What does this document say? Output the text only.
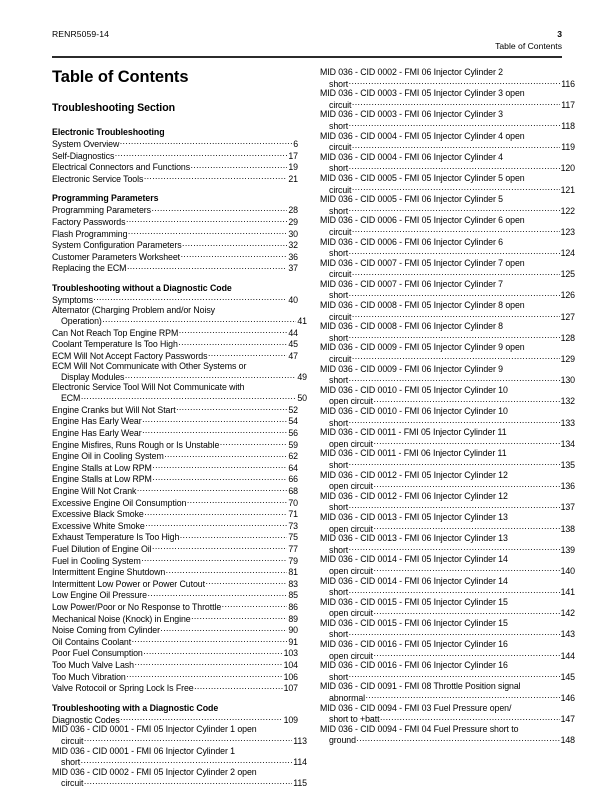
RENR5059-14	3
Table of Contents
Table of Contents
Troubleshooting Section
Electronic Troubleshooting
System Overview .....	6
Self-Diagnostics .....	17
Electrical Connectors and Functions .....	19
Electronic Service Tools .....	21
Programming Parameters
Programming Parameters .....	28
Factory Passwords .....	29
Flash Programming .....	30
System Configuration Parameters .....	32
Customer Parameters Worksheet .....	36
Replacing the ECM .....	37
Troubleshooting without a Diagnostic Code
Symptoms .....	40
Alternator (Charging Problem and/or Noisy
Operation) .....	41
Can Not Reach Top Engine RPM .....	44
Coolant Temperature Is Too High .....	45
ECM Will Not Accept Factory Passwords .....	47
ECM Will Not Communicate with Other Systems or
Display Modules .....	49
Electronic Service Tool Will Not Communicate with
ECM .....	50
Engine Cranks but Will Not Start .....	52
Engine Has Early Wear .....	54
Engine Has Early Wear .....	56
Engine Misfires, Runs Rough or Is Unstable .....	59
Engine Oil in Cooling System .....	62
Engine Stalls at Low RPM .....	64
Engine Stalls at Low RPM .....	66
Engine Will Not Crank .....	68
Excessive Engine Oil Consumption .....	70
Excessive Black Smoke .....	71
Excessive White Smoke .....	73
Exhaust Temperature Is Too High .....	75
Fuel Dilution of Engine Oil .....	77
Fuel in Cooling System .....	79
Intermittent Engine Shutdown .....	81
Intermittent Low Power or Power Cutout .....	83
Low Engine Oil Pressure .....	85
Low Power/Poor or No Response to Throttle .....	86
Mechanical Noise (Knock) in Engine .....	89
Noise Coming from Cylinder .....	90
Oil Contains Coolant .....	91
Poor Fuel Consumption .....	103
Too Much Valve Lash .....	104
Too Much Vibration .....	106
Valve Rotocoil or Spring Lock Is Free .....	107
Troubleshooting with a Diagnostic Code
Diagnostic Codes .....	109
MID 036 - CID 0001 - FMI 05 Injector Cylinder 1 open
circuit .....	113
MID 036 - CID 0001 - FMI 06 Injector Cylinder 1
short .....	114
MID 036 - CID 0002 - FMI 05 Injector Cylinder 2 open
circuit .....	115
MID 036 - CID 0002 - FMI 06 Injector Cylinder 2
short .....	116
MID 036 - CID 0003 - FMI 05 Injector Cylinder 3 open
circuit .....	117
MID 036 - CID 0003 - FMI 06 Injector Cylinder 3
short .....	118
MID 036 - CID 0004 - FMI 05 Injector Cylinder 4 open
circuit .....	119
MID 036 - CID 0004 - FMI 06 Injector Cylinder 4
short .....	120
MID 036 - CID 0005 - FMI 05 Injector Cylinder 5 open
circuit .....	121
MID 036 - CID 0005 - FMI 06 Injector Cylinder 5
short .....	122
MID 036 - CID 0006 - FMI 05 Injector Cylinder 6 open
circuit .....	123
MID 036 - CID 0006 - FMI 06 Injector Cylinder 6
short .....	124
MID 036 - CID 0007 - FMI 05 Injector Cylinder 7 open
circuit .....	125
MID 036 - CID 0007 - FMI 06 Injector Cylinder 7
short .....	126
MID 036 - CID 0008 - FMI 05 Injector Cylinder 8 open
circuit .....	127
MID 036 - CID 0008 - FMI 06 Injector Cylinder 8
short .....	128
MID 036 - CID 0009 - FMI 05 Injector Cylinder 9 open
circuit .....	129
MID 036 - CID 0009 - FMI 06 Injector Cylinder 9
short .....	130
MID 036 - CID 0010 - FMI 05 Injector Cylinder 10
open circuit .....	132
MID 036 - CID 0010 - FMI 06 Injector Cylinder 10
short .....	133
MID 036 - CID 0011 - FMI 05 Injector Cylinder 11
open circuit .....	134
MID 036 - CID 0011 - FMI 06 Injector Cylinder 11
short .....	135
MID 036 - CID 0012 - FMI 05 Injector Cylinder 12
open circuit .....	136
MID 036 - CID 0012 - FMI 06 Injector Cylinder 12
short .....	137
MID 036 - CID 0013 - FMI 05 Injector Cylinder 13
open circuit .....	138
MID 036 - CID 0013 - FMI 06 Injector Cylinder 13
short .....	139
MID 036 - CID 0014 - FMI 05 Injector Cylinder 14
open circuit .....	140
MID 036 - CID 0014 - FMI 06 Injector Cylinder 14
short .....	141
MID 036 - CID 0015 - FMI 05 Injector Cylinder 15
open circuit .....	142
MID 036 - CID 0015 - FMI 06 Injector Cylinder 15
short .....	143
MID 036 - CID 0016 - FMI 05 Injector Cylinder 16
open circuit .....	144
MID 036 - CID 0016 - FMI 06 Injector Cylinder 16
short .....	145
MID 036 - CID 0091 - FMI 08 Throttle Position signal
abnormal .....	146
MID 036 - CID 0094 - FMI 03 Fuel Pressure open/
short to +batt .....	147
MID 036 - CID 0094 - FMI 04 Fuel Pressure short to
ground .....	148
